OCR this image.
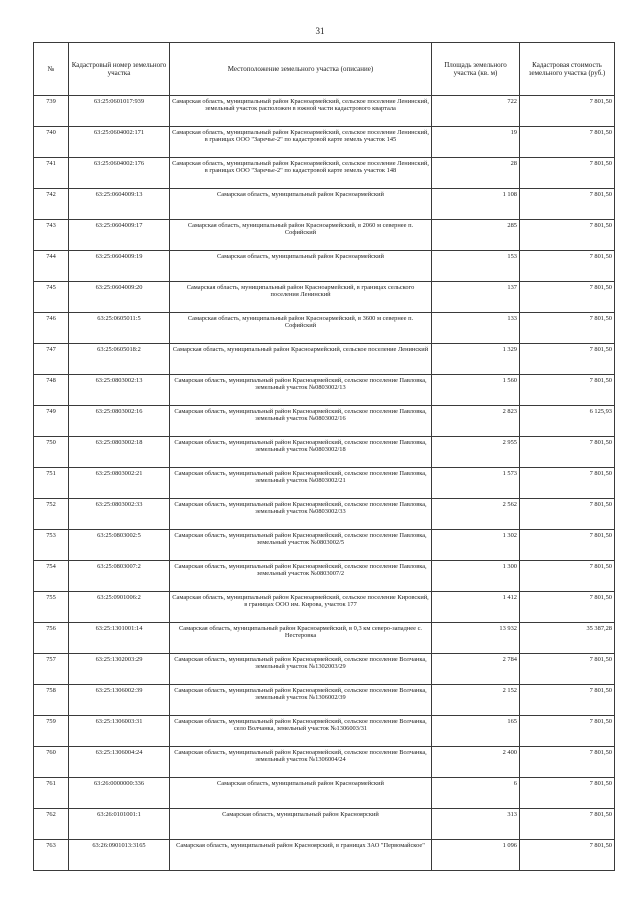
31
№	Кадастровый номер земельного участка	Местоположение земельного участка (описание)	Площадь земельного участка (кв. м)	Кадастровая стоимость земельного участка (руб.)
739	63:25:0601017:939	Самарская область, муниципальный район Красноармейский, сельское поселение Ленинский, земельный участок расположен в южной части кадастрового квартала	722	7 801,50
740	63:25:0604002:171	Самарская область, муниципальный район Красноармейский, сельское поселение Ленинский, в границах ООО "Заречье-2" по кадастровой карте земель участок 145	19	7 801,50
741	63:25:0604002:176	Самарская область, муниципальный район Красноармейский, сельское поселение Ленинский, в границах ООО "Заречье-2" по кадастровой карте земель участок 148	28	7 801,50
742	63:25:0604009:13	Самарская область, муниципальный район Красноармейский	1 108	7 801,50
743	63:25:0604009:17	Самарская область, муниципальный район Красноармейский, в 2060 м севернее п. Софийский	285	7 801,50
744	63:25:0604009:19	Самарская область, муниципальный район Красноармейский	153	7 801,50
745	63:25:0604009:20	Самарская область, муниципальный район Красноармейский, в границах сельского поселения Ленинский	137	7 801,50
746	63:25:0605011:5	Самарская область, муниципальный район Красноармейский, в 3600 м севернее п. Софийский	133	7 801,50
747	63:25:0605018:2	Самарская область, муниципальный район Красноармейский, сельское поселение Ленинский	1 329	7 801,50
748	63:25:0803002:13	Самарская область, муниципальный район Красноармейский, сельское поселение Павловка, земельный участок №0803002/13	1 560	7 801,50
749	63:25:0803002:16	Самарская область, муниципальный район Красноармейский, сельское поселение Павловка, земельный участок №0803002/16	2 823	6 125,93
750	63:25:0803002:18	Самарская область, муниципальный район Красноармейский, сельское поселение Павловка, земельный участок №0803002/18	2 955	7 801,50
751	63:25:0803002:21	Самарская область, муниципальный район Красноармейский, сельское поселение Павловка, земельный участок №0803002/21	1 573	7 801,50
752	63:25:0803002:33	Самарская область, муниципальный район Красноармейский, сельское поселение Павловка, земельный участок №0803002/33	2 562	7 801,50
753	63:25:0803002:5	Самарская область, муниципальный район Красноармейский, сельское поселение Павловка, земельный участок №0803002/5	1 302	7 801,50
754	63:25:0803007:2	Самарская область, муниципальный район Красноармейский, сельское поселение Павловка, земельный участок №0803007/2	1 300	7 801,50
755	63:25:0901006:2	Самарская область, муниципальный район Красноармейский, сельское поселение Кировский, в границах ООО им. Кирова, участок 177	1 412	7 801,50
756	63:25:1301001:14	Самарская область, муниципальный район Красноармейский, в 0,3 км северо-западнее с. Нестеровка	13 932	35 387,28
757	63:25:1302003:29	Самарская область, муниципальный район Красноармейский, сельское поселение Волчанка, земельный участок №1302003/29	2 784	7 801,50
758	63:25:1306002:39	Самарская область, муниципальный район Красноармейский, сельское поселение Волчанка, земельный участок №1306002/39	2 152	7 801,50
759	63:25:1306003:31	Самарская область, муниципальный район Красноармейский, сельское поселение Волчанка, село Волчанка, земельный участок №1306003/31	165	7 801,50
760	63:25:1306004:24	Самарская область, муниципальный район Красноармейский, сельское поселение Волчанка, земельный участок №1306004/24	2 400	7 801,50
761	63:26:0000000:336	Самарская область, муниципальный район Красноармейский	6	7 801,50
762	63:26:0101001:1	Самарская область, муниципальный район Красноярский	313	7 801,50
763	63:26:0901013:3165	Самарская область, муниципальный район Красноярский, в границах ЗАО "Первомайское"	1 096	7 801,50
